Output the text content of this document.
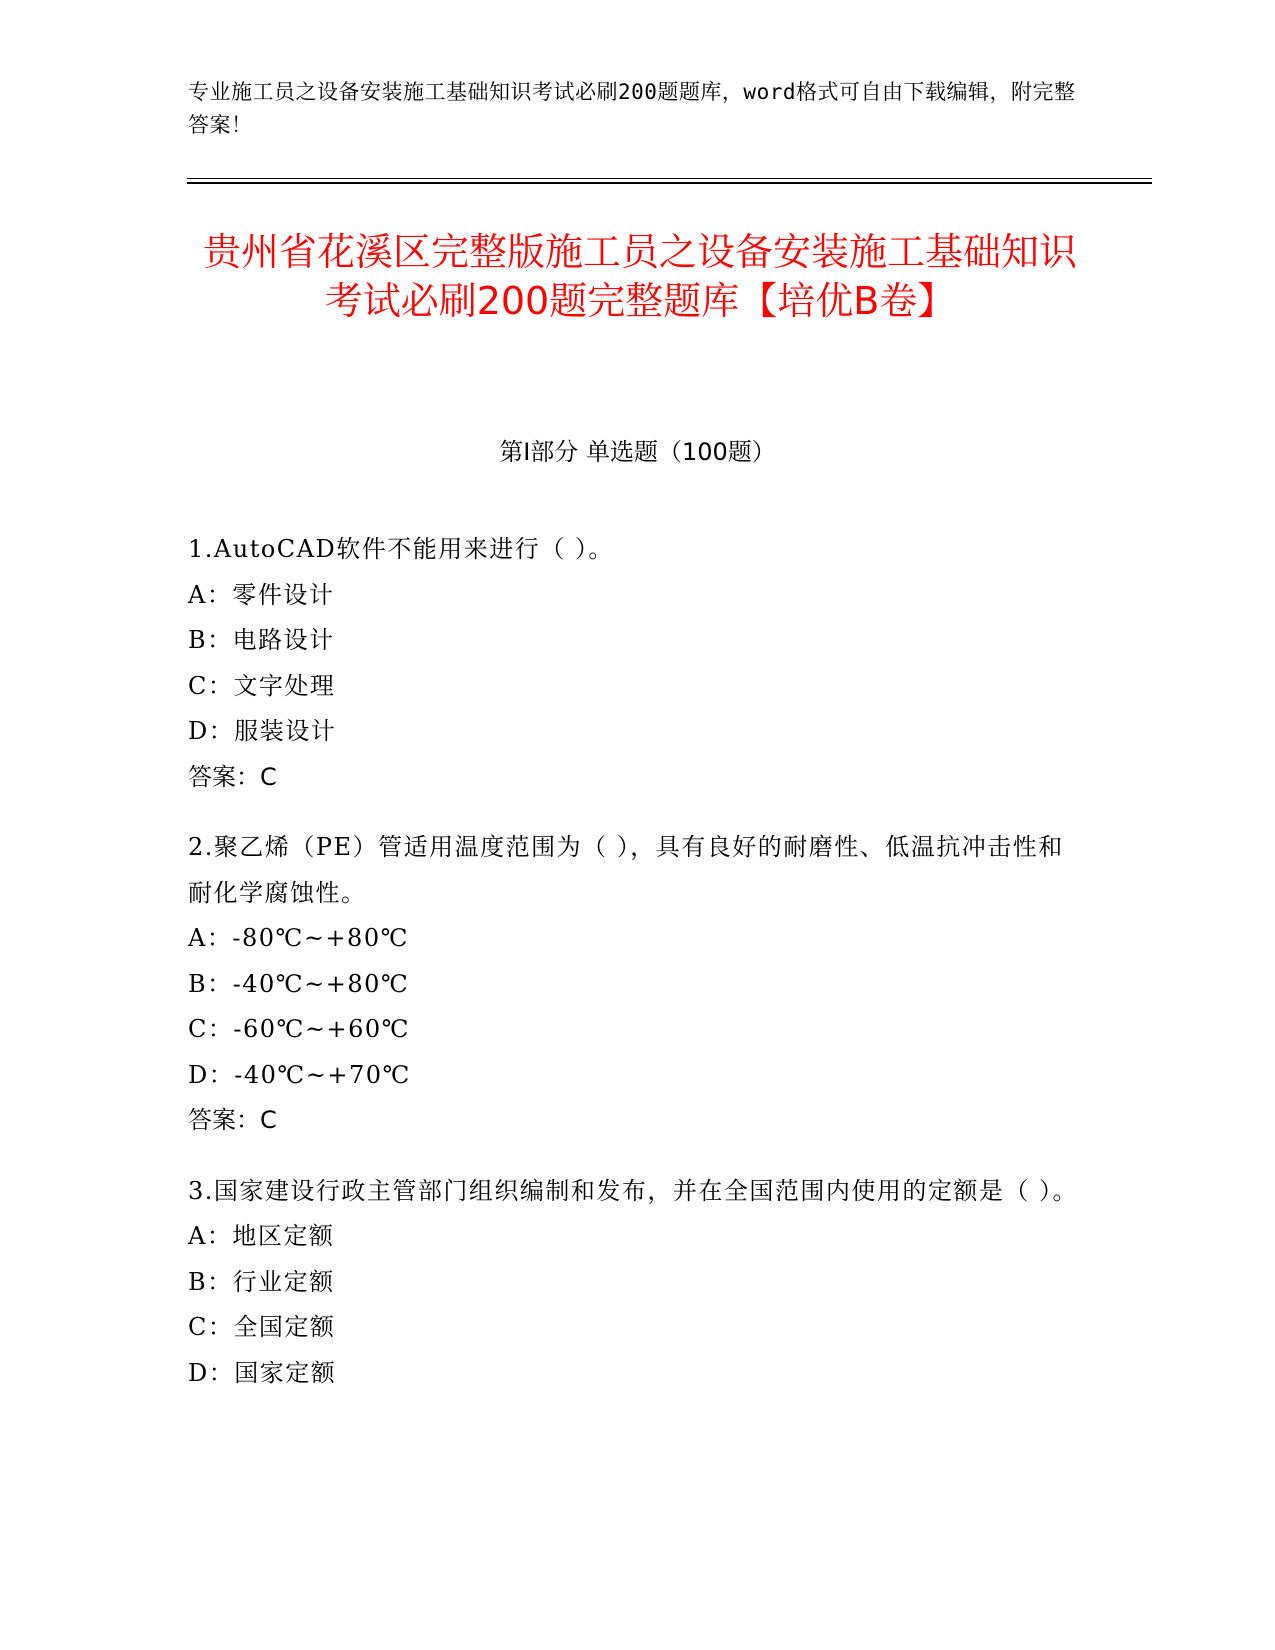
专业施工员之设备安装施工基础知识考试必刷200题题库，word格式可自由下载编辑，附完整答案！
贵州省花溪区完整版施工员之设备安装施工基础知识考试必刷200题完整题库【培优B卷】
第I部分 单选题（100题）
1.AutoCAD软件不能用来进行（ ）。
A：零件设计
B：电路设计
C：文字处理
D：服装设计
答案：C
2.聚乙烯（PE）管适用温度范围为（ ），具有良好的耐磨性、低温抗冲击性和耐化学腐蚀性。
A：-80℃~+80℃
B：-40℃~+80℃
C：-60℃~+60℃
D：-40℃~+70℃
答案：C
3.国家建设行政主管部门组织编制和发布，并在全国范围内使用的定额是（ ）。
A：地区定额
B：行业定额
C：全国定额
D：国家定额
